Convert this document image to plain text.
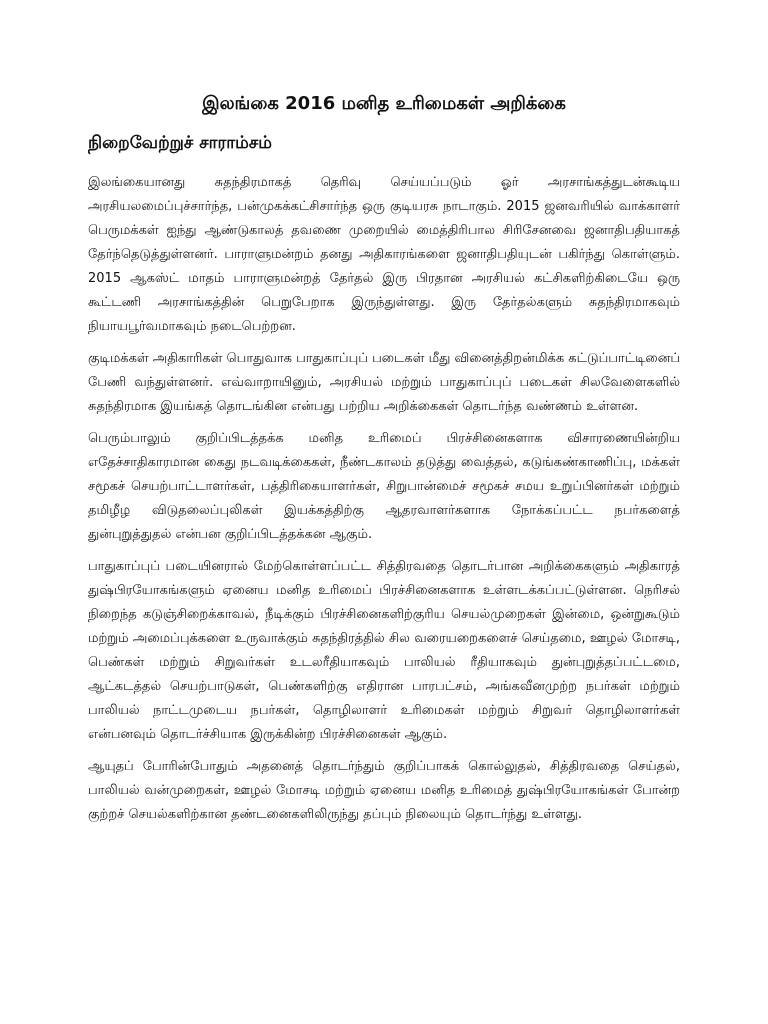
இலங்கை 2016 மனித உரிமைகள் அறிக்கை
நிறைவேற்றுச் சாராம்சம்

இலங்கையானது சுதந்திரமாகத் தெரிவு செய்யப்படும் ஓர் அரசாங்கத்துடன்கூடிய அரசியலமைப்புச்சார்ந்த, பன்முகக்கட்சிசார்ந்த ஒரு குடியரசு நாடாகும். 2015 ஜனவரியில் வாக்காளர் பெருமக்கள் ஐந்து ஆண்டுகாலத் தவணை முறையில் மைத்திரிபால சிரிசேனவை ஜனாதிபதியாகத் தேர்ந்தெடுத்துள்ளனர். பாராளுமன்றம் தனது அதிகாரங்களை ஜனாதிபதியுடன் பகிர்ந்து கொள்ளும். 2015 ஆகஸ்ட் மாதம் பாராளுமன்றத் தேர்தல் இரு பிரதான அரசியல் கட்சிகளிற்கிடையே ஒரு கூட்டணி அரசாங்கத்தின் பெறுபேறாக இருந்துள்ளது. இரு தேர்தல்களும் சுதந்திரமாகவும் நியாயபூர்வமாகவும் நடைபெற்றன.

குடிமக்கள் அதிகாரிகள் பொதுவாக பாதுகாப்புப் படைகள் மீது வினைத்திறன்மிக்க கட்டுப்பாட்டினைப் பேணி வந்துள்ளனர். எவ்வாறாயினும், அரசியல் மற்றும் பாதுகாப்புப் படைகள் சிலவேளைகளில் சுதந்திரமாக இயங்கத் தொடங்கின என்பது பற்றிய அறிக்கைகள் தொடர்ந்த வண்ணம் உள்ளன.

பெரும்பாலும் குறிப்பிடத்தக்க மனித உரிமைப் பிரச்சினைகளாக விசாரணையின்றிய எதேச்சாதிகாரமான கைது நடவடிக்கைகள், நீண்டகாலம் தடுத்து வைத்தல், கடுங்கண்காணிப்பு, மக்கள் சமூகச் செயற்பாட்டாளர்கள், பத்திரிகையாளர்கள், சிறுபான்மைச் சமூகச் சமய உறுப்பினர்கள் மற்றும் தமிழீழ விடுதலைப்புலிகள் இயக்கத்திற்கு ஆதரவாளர்களாக நோக்கப்பட்ட நபர்களைத் துன்புறுத்துதல் என்பன குறிப்பிடத்தக்கன ஆகும்.

பாதுகாப்புப் படையினரால் மேற்கொள்ளப்பட்ட சித்திரவதை தொடர்பான அறிக்கைகளும் அதிகாரத் துஷ்பிரயோகங்களும் ஏனைய மனித உரிமைப் பிரச்சினைகளாக உள்ளடக்கப்பட்டுள்ளன. நெரிசல் நிறைந்த கடுஞ்சிறைக்காவல், நீடிக்கும் பிரச்சினைகளிற்குரிய செயல்முறைகள் இன்மை, ஒன்றுகூடும் மற்றும் அமைப்புக்களை உருவாக்கும் சுதந்திரத்தில் சில வரையறைகளைச் செய்தமை, ஊழல் மோசடி, பெண்கள் மற்றும் சிறுவர்கள் உடலரீதியாகவும் பாலியல் ரீதியாகவும் துன்புறுத்தப்பட்டமை, ஆட்கடத்தல் செயற்பாடுகள், பெண்களிற்கு எதிரான பாரபட்சம், அங்கவீனமுற்ற நபர்கள் மற்றும் பாலியல் நாட்டமுடைய நபர்கள், தொழிலாளர் உரிமைகள் மற்றும் சிறுவர் தொழிலாளர்கள் என்பனவும் தொடர்ச்சியாக இருக்கின்ற பிரச்சினைகள் ஆகும்.

ஆயுதப் போரின்போதும் அதனைத் தொடர்ந்தும் குறிப்பாகக் கொல்லுதல், சித்திரவதை செய்தல், பாலியல் வன்முறைகள், ஊழல் மோசடி மற்றும் ஏனைய மனித உரிமைத் துஷ்பிரயோகங்கள் போன்ற குற்றச் செயல்களிற்கான தண்டனைகளிலிருந்து தப்பும் நிலையும் தொடர்ந்து உள்ளது.
